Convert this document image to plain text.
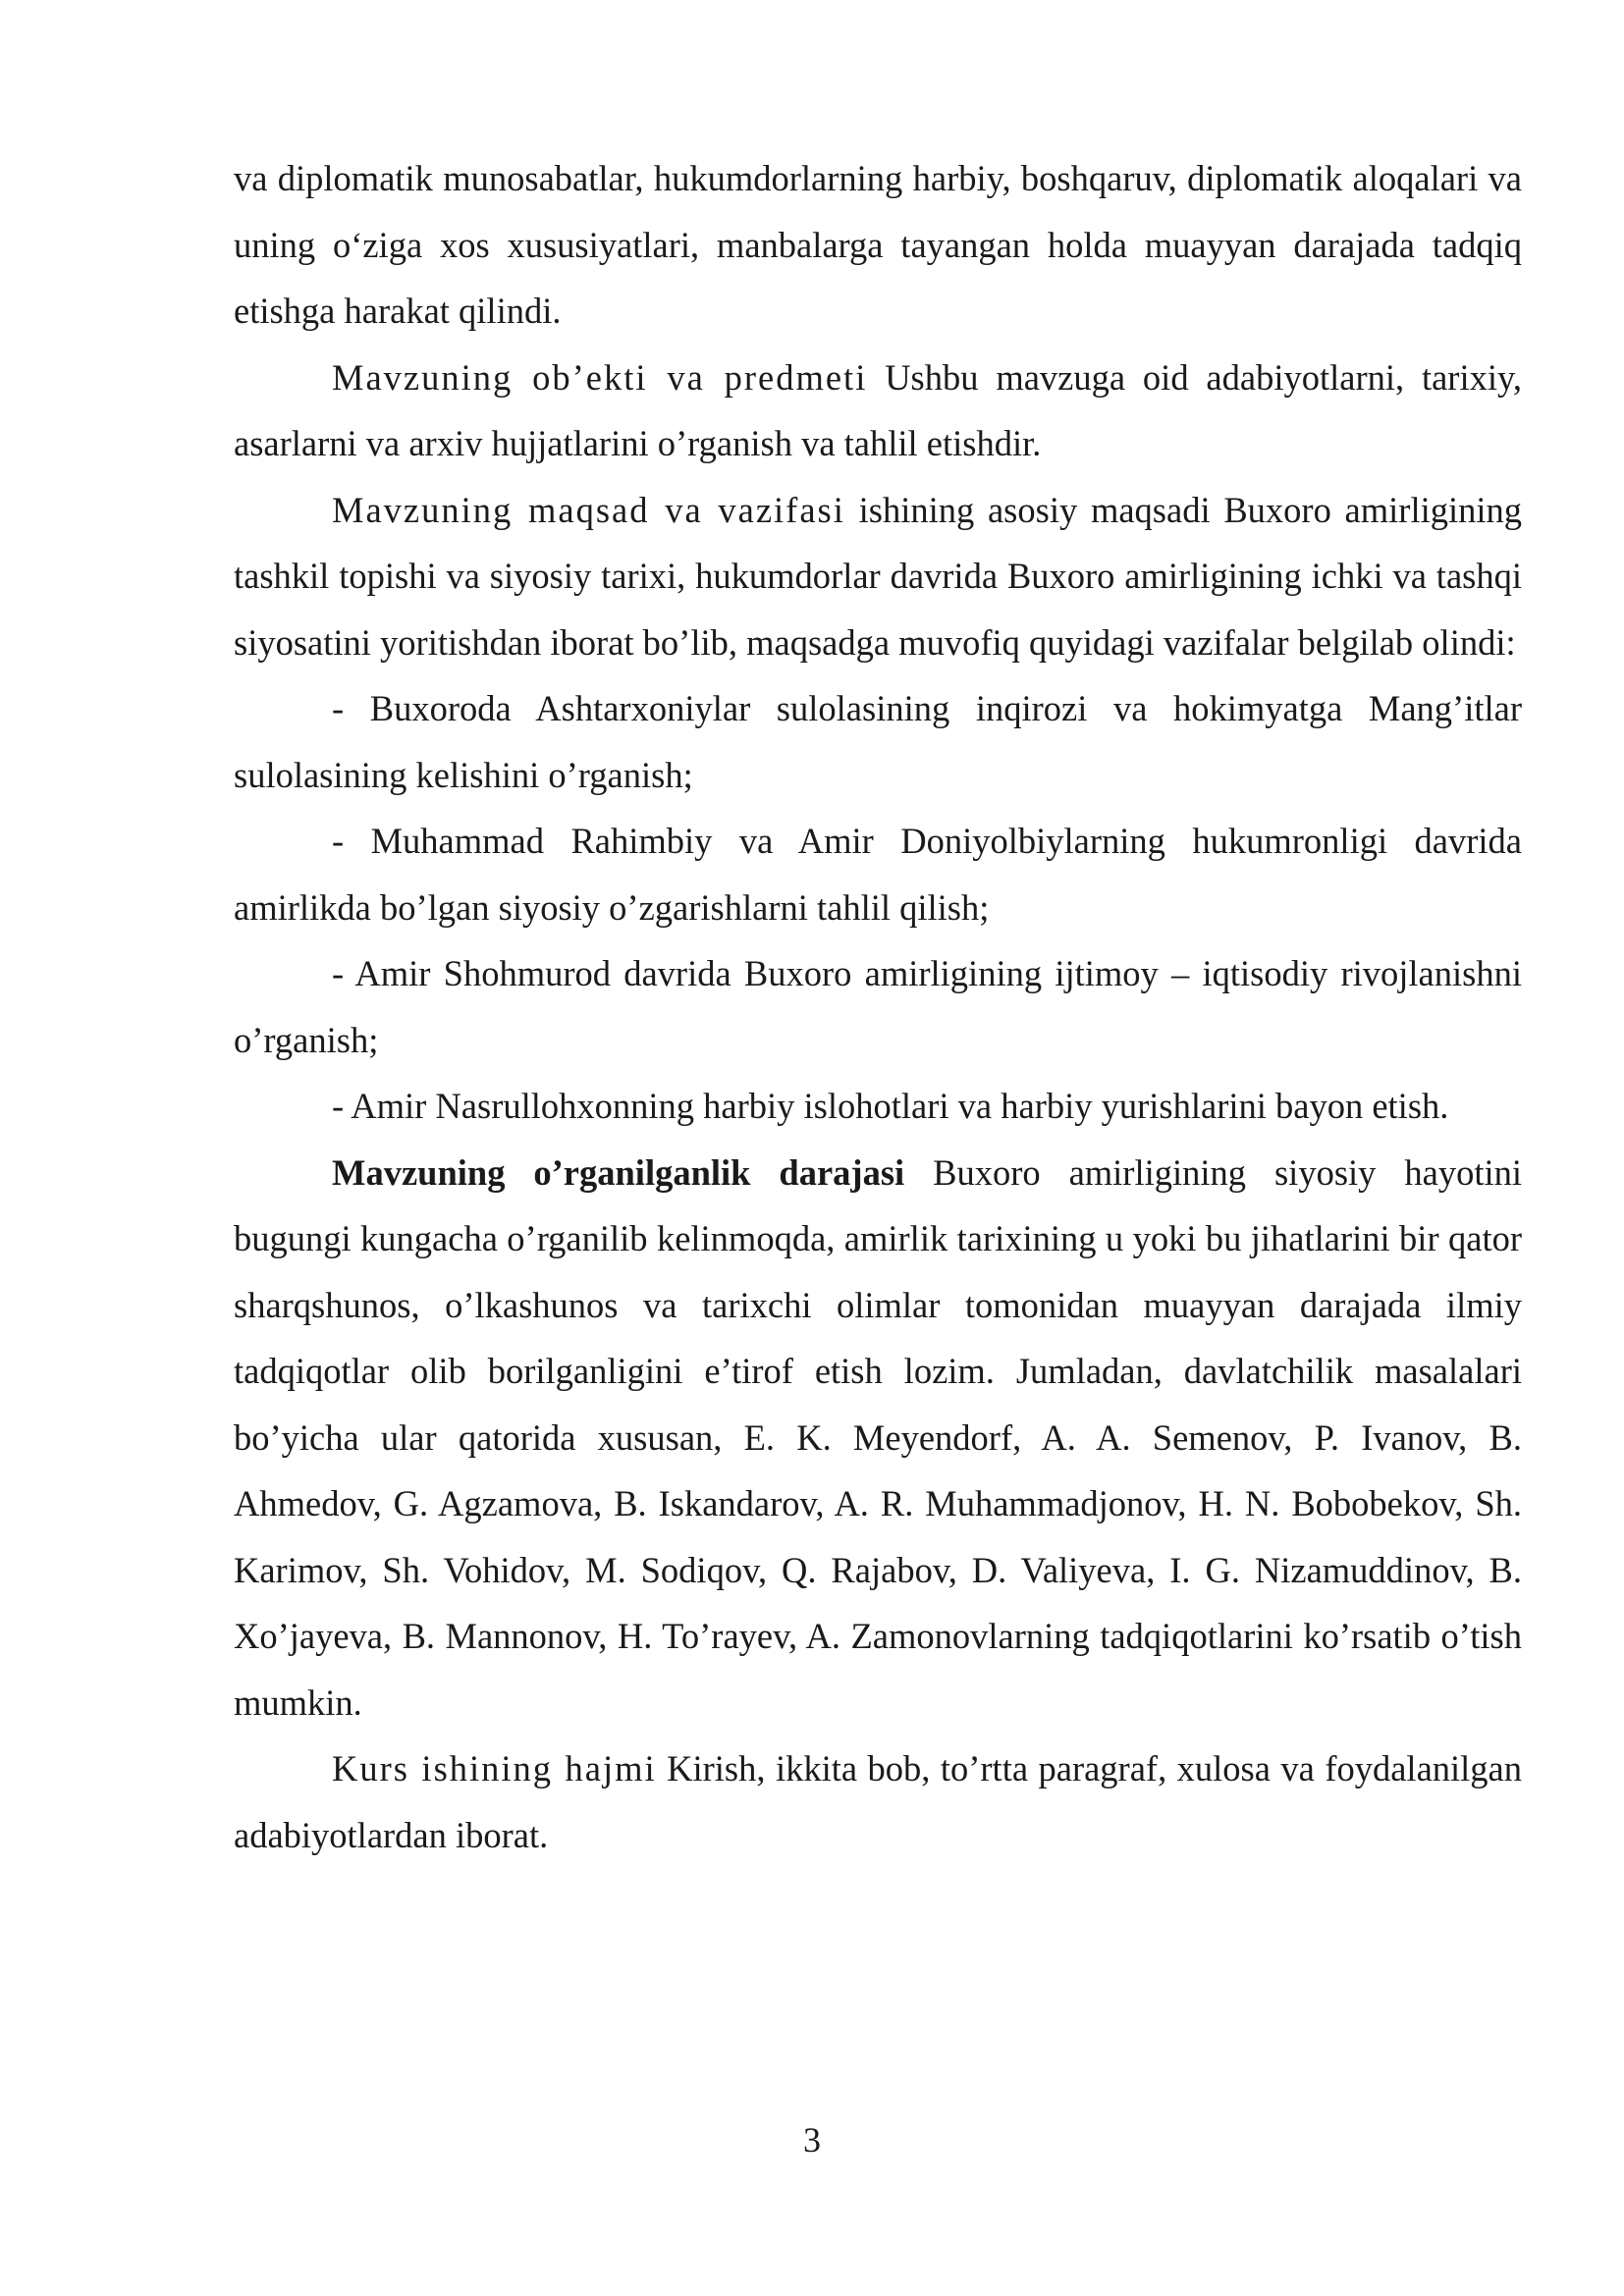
va diplomatik munosabatlar, hukumdorlarning harbiy, boshqaruv, diplomatik aloqalari va uning o‘ziga xos xususiyatlari, manbalarga tayangan holda muayyan darajada tadqiq etishga harakat qilindi.

Mavzuning ob’ekti va predmeti Ushbu mavzuga oid adabiyotlarni, tarixiy, asarlarni va arxiv hujjatlarini o’rganish va tahlil etishdir.

Mavzuning maqsad va vazifasi ishining asosiy maqsadi Buxoro amirligining tashkil topishi va siyosiy tarixi, hukumdorlar davrida Buxoro amirligining ichki va tashqi siyosatini yoritishdan iborat bo’lib, maqsadga muvofiq quyidagi vazifalar belgilab olindi:

- Buxoroda Ashtarxoniylar sulolasining inqirozi va hokimyatga Mang’itlar sulolasining kelishini o’rganish;

- Muhammad Rahimbiy va Amir Doniyolbiylarning hukumronligi davrida amirlikda bo’lgan siyosiy o’zgarishlarni tahlil qilish;

- Amir Shohmurod davrida Buxoro amirligining ijtimoy – iqtisodiy rivojlanishni o’rganish;

- Amir Nasrullohxonning harbiy islohotlari va harbiy yurishlarini bayon etish.

Mavzuning o’rganilganlik darajasi Buxoro amirligining siyosiy hayotini bugungi kungacha o’rganilib kelinmoqda, amirlik tarixining u yoki bu jihatlarini bir qator sharqshunos, o’lkashunos va tarixchi olimlar tomonidan muayyan darajada ilmiy tadqiqotlar olib borilganligini e’tirof etish lozim. Jumladan, davlatchilik masalalari bo’yicha ular qatorida xususan, E. K. Meyendorf, A. A. Semenov, P. Ivanov, B. Ahmedov, G. Agzamova, B. Iskandarov, A. R. Muhammadjonov, H. N. Bobobekov, Sh. Karimov, Sh. Vohidov, M. Sodiqov, Q. Rajabov, D. Valiyeva, I. G. Nizamuddinov, B. Xo’jayeva, B. Mannonov, H. To’rayev, A. Zamonovlarning tadqiqotlarini ko’rsatib o’tish mumkin.

Kurs ishining hajmi Kirish, ikkita bob, to’rtta paragraf, xulosa va foydalanilgan adabiyotlardan iborat.

3
